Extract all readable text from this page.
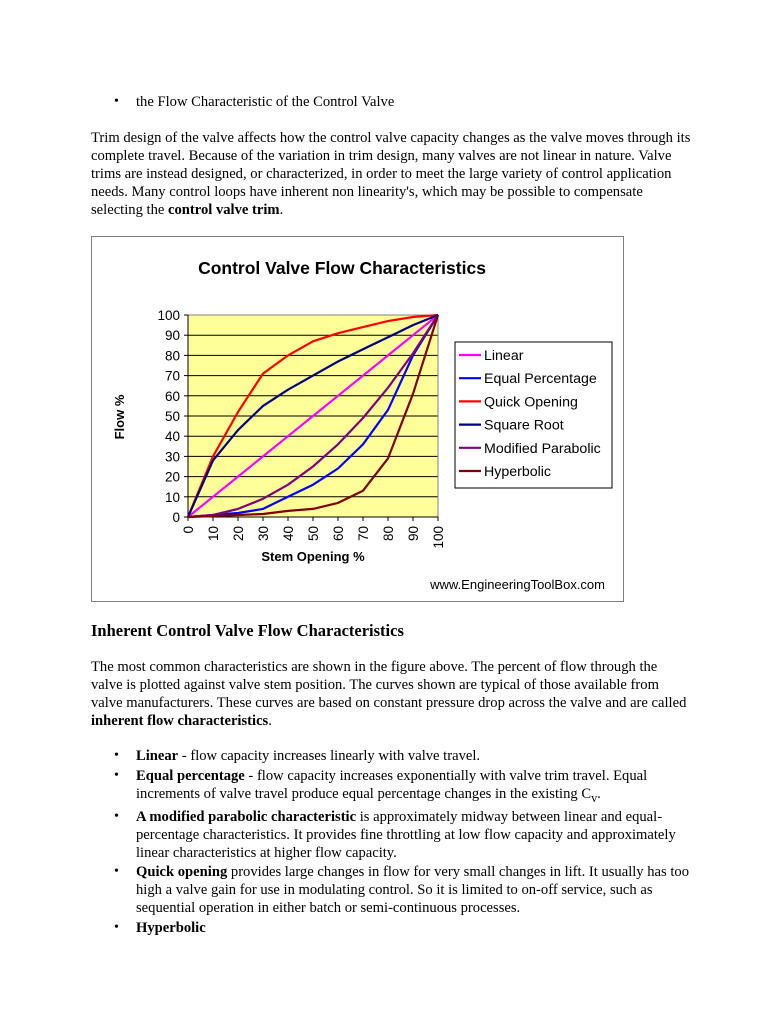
• the Flow Characteristic of the Control Valve

Trim design of the valve affects how the control valve capacity changes as the valve moves through its complete travel. Because of the variation in trim design, many valves are not linear in nature. Valve trims are instead designed, or characterized, in order to meet the large variety of control application needs. Many control loops have inherent non linearity's, which may be possible to compensate selecting the control valve trim.

Control Valve Flow Characteristics
0
10
20
30
40
50
60
70
80
90
100
0 10 20 30 40 50 60 70 80 90 100
Flow %
Stem Opening %
Linear
Equal Percentage
Quick Opening
Square Root
Modified Parabolic
Hyperbolic
www.EngineeringToolBox.com
Inherent Control Valve Flow Characteristics

The most common characteristics are shown in the figure above. The percent of flow through the valve is plotted against valve stem position. The curves shown are typical of those available from valve manufacturers. These curves are based on constant pressure drop across the valve and are called inherent flow characteristics.

• Linear - flow capacity increases linearly with valve travel.
• Equal percentage - flow capacity increases exponentially with valve trim travel. Equal increments of valve travel produce equal percentage changes in the existing $C_v$.
• A modified parabolic characteristic is approximately midway between linear and equal-percentage characteristics. It provides fine throttling at low flow capacity and approximately linear characteristics at higher flow capacity.
• Quick opening provides large changes in flow for very small changes in lift. It usually has too high a valve gain for use in modulating control. So it is limited to on-off service, such as sequential operation in either batch or semi-continuous processes.
• Hyperbolic
